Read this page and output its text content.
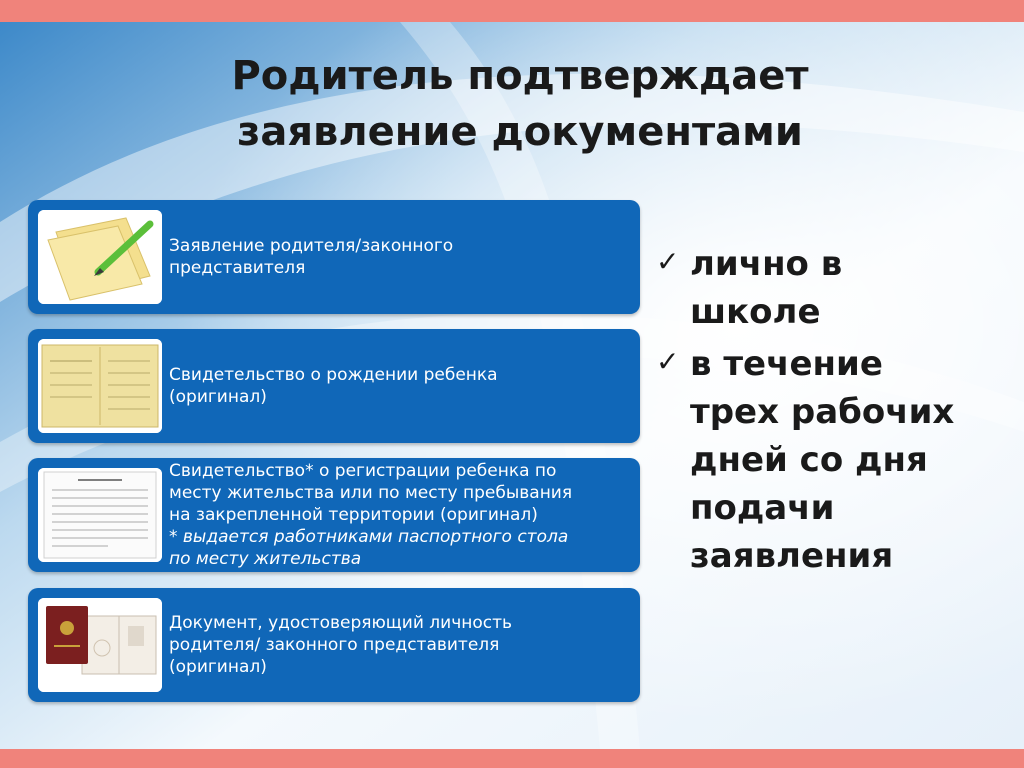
Родитель подтверждает
заявление документами
Заявление родителя/законного
представителя
Свидетельство о рождении ребенка
(оригинал)
Свидетельство* о регистрации ребенка по
месту жительства или по месту пребывания
на закрепленной территории (оригинал)
* выдается работниками паспортного стола
по месту жительства
Документ, удостоверяющий личность
родителя/ законного представителя
(оригинал)
✓ лично в
школе
✓ в течение
трех рабочих
дней со дня
подачи
заявления
